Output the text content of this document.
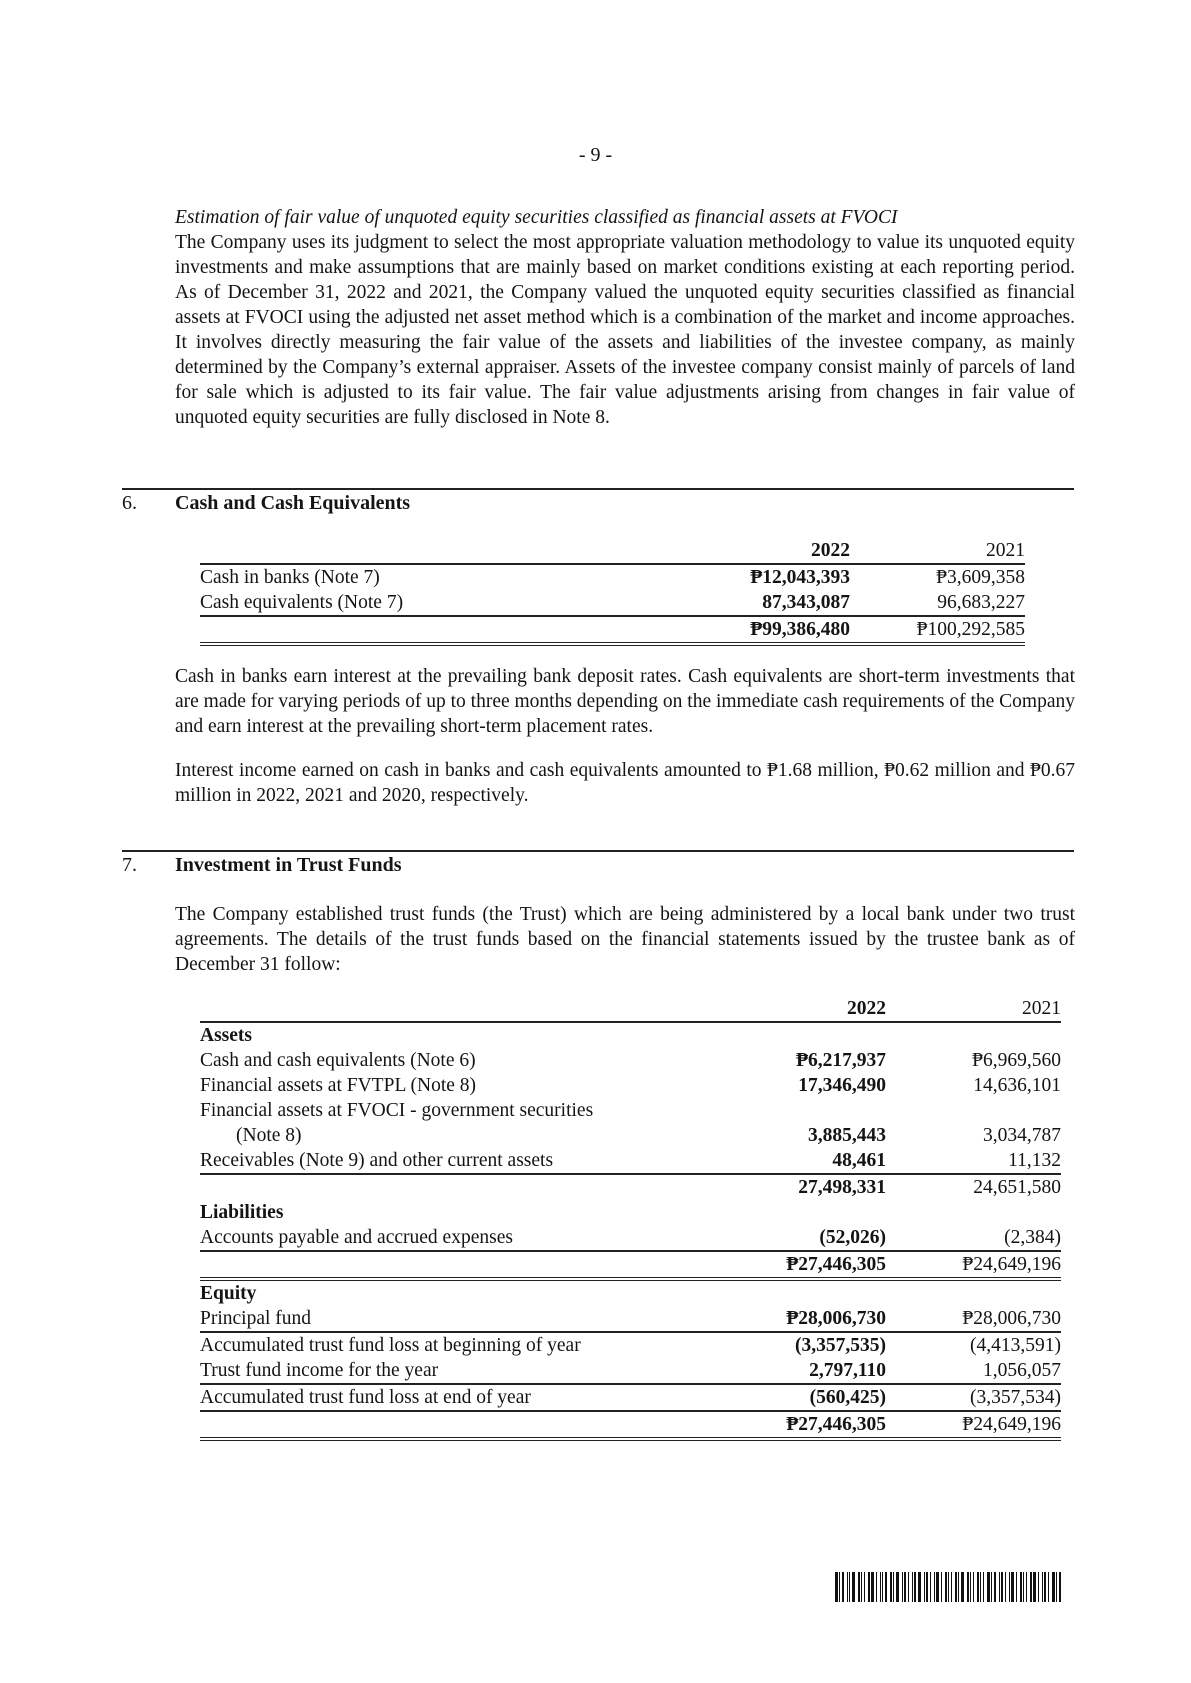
- 9 -
Estimation of fair value of unquoted equity securities classified as financial assets at FVOCI
The Company uses its judgment to select the most appropriate valuation methodology to value its unquoted equity investments and make assumptions that are mainly based on market conditions existing at each reporting period. As of December 31, 2022 and 2021, the Company valued the unquoted equity securities classified as financial assets at FVOCI using the adjusted net asset method which is a combination of the market and income approaches. It involves directly measuring the fair value of the assets and liabilities of the investee company, as mainly determined by the Company’s external appraiser. Assets of the investee company consist mainly of parcels of land for sale which is adjusted to its fair value. The fair value adjustments arising from changes in fair value of unquoted equity securities are fully disclosed in Note 8.
6. Cash and Cash Equivalents
	2022	2021
Cash in banks (Note 7)	₱12,043,393	₱3,609,358
Cash equivalents (Note 7)	87,343,087	96,683,227
	₱99,386,480	₱100,292,585
Cash in banks earn interest at the prevailing bank deposit rates. Cash equivalents are short-term investments that are made for varying periods of up to three months depending on the immediate cash requirements of the Company and earn interest at the prevailing short-term placement rates.
Interest income earned on cash in banks and cash equivalents amounted to ₱1.68 million, ₱0.62 million and ₱0.67 million in 2022, 2021 and 2020, respectively.
7. Investment in Trust Funds
The Company established trust funds (the Trust) which are being administered by a local bank under two trust agreements. The details of the trust funds based on the financial statements issued by the trustee bank as of December 31 follow:
	2022	2021
Assets		
Cash and cash equivalents (Note 6)	₱6,217,937	₱6,969,560
Financial assets at FVTPL (Note 8)	17,346,490	14,636,101
Financial assets at FVOCI - government securities		
(Note 8)	3,885,443	3,034,787
Receivables (Note 9) and other current assets	48,461	11,132
	27,498,331	24,651,580
Liabilities		
Accounts payable and accrued expenses	(52,026)	(2,384)
	₱27,446,305	₱24,649,196
Equity		
Principal fund	₱28,006,730	₱28,006,730
Accumulated trust fund loss at beginning of year	(3,357,535)	(4,413,591)
Trust fund income for the year	2,797,110	1,056,057
Accumulated trust fund loss at end of year	(560,425)	(3,357,534)
	₱27,446,305	₱24,649,196
